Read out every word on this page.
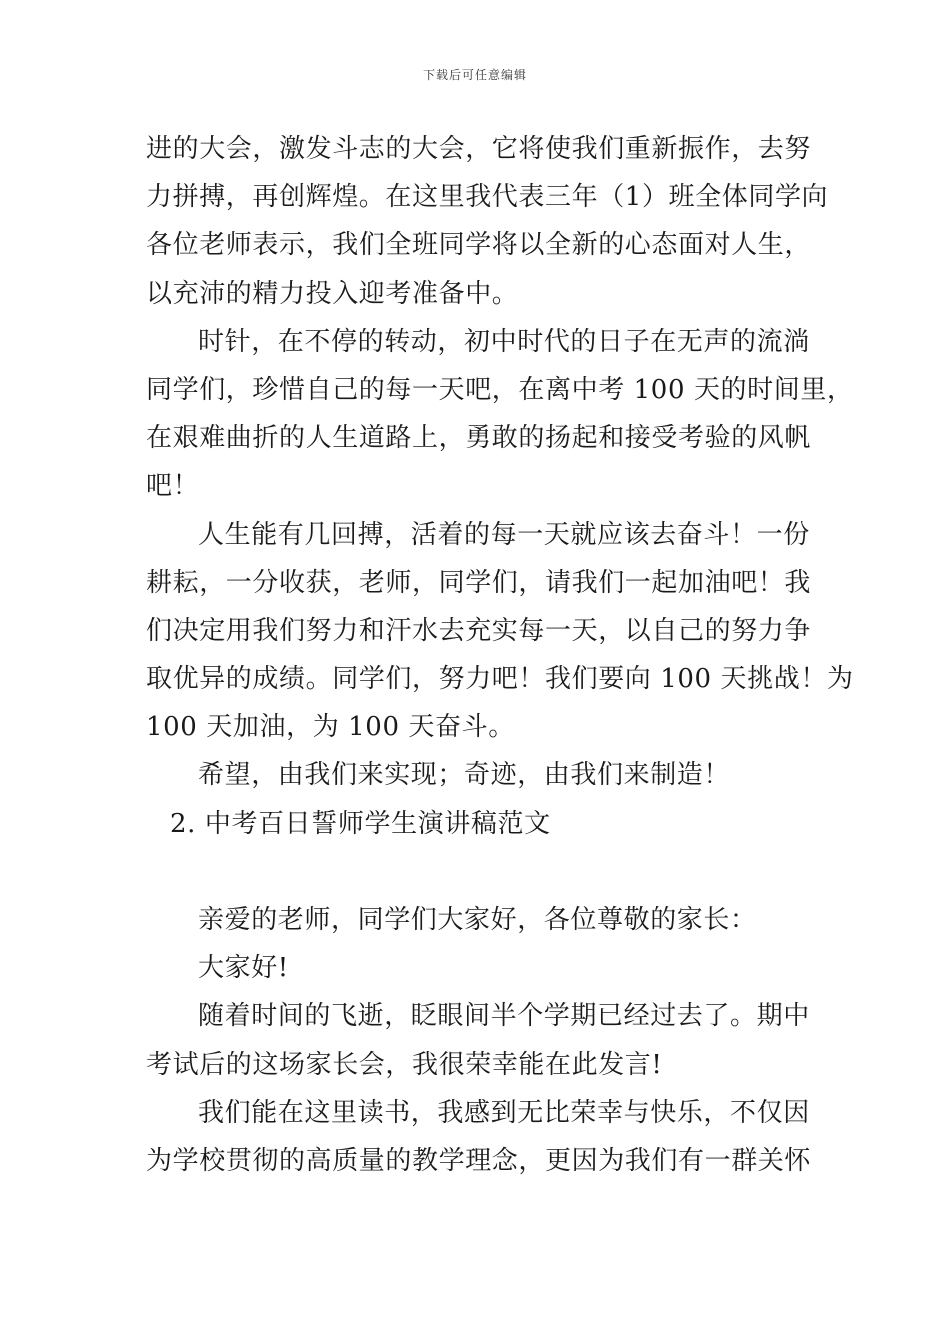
下载后可任意编辑
进的大会，激发斗志的大会，它将使我们重新振作，去努
力拼搏，再创辉煌。在这里我代表三年（1）班全体同学向
各位老师表示，我们全班同学将以全新的心态面对人生，
以充沛的精力投入迎考准备中。
时针，在不停的转动，初中时代的日子在无声的流淌
同学们，珍惜自己的每一天吧，在离中考 100 天的时间里，
在艰难曲折的人生道路上，勇敢的扬起和接受考验的风帆
吧！
人生能有几回搏，活着的每一天就应该去奋斗！一份
耕耘，一分收获，老师，同学们，请我们一起加油吧！我
们决定用我们努力和汗水去充实每一天，以自己的努力争
取优异的成绩。同学们，努力吧！我们要向 100 天挑战！为
100 天加油，为 100 天奋斗。
希望，由我们来实现；奇迹，由我们来制造！
2. 中考百日誓师学生演讲稿范文
亲爱的老师，同学们大家好，各位尊敬的家长：
大家好!
随着时间的飞逝，眨眼间半个学期已经过去了。期中
考试后的这场家长会，我很荣幸能在此发言!
我们能在这里读书，我感到无比荣幸与快乐，不仅因
为学校贯彻的高质量的教学理念，更因为我们有一群关怀
